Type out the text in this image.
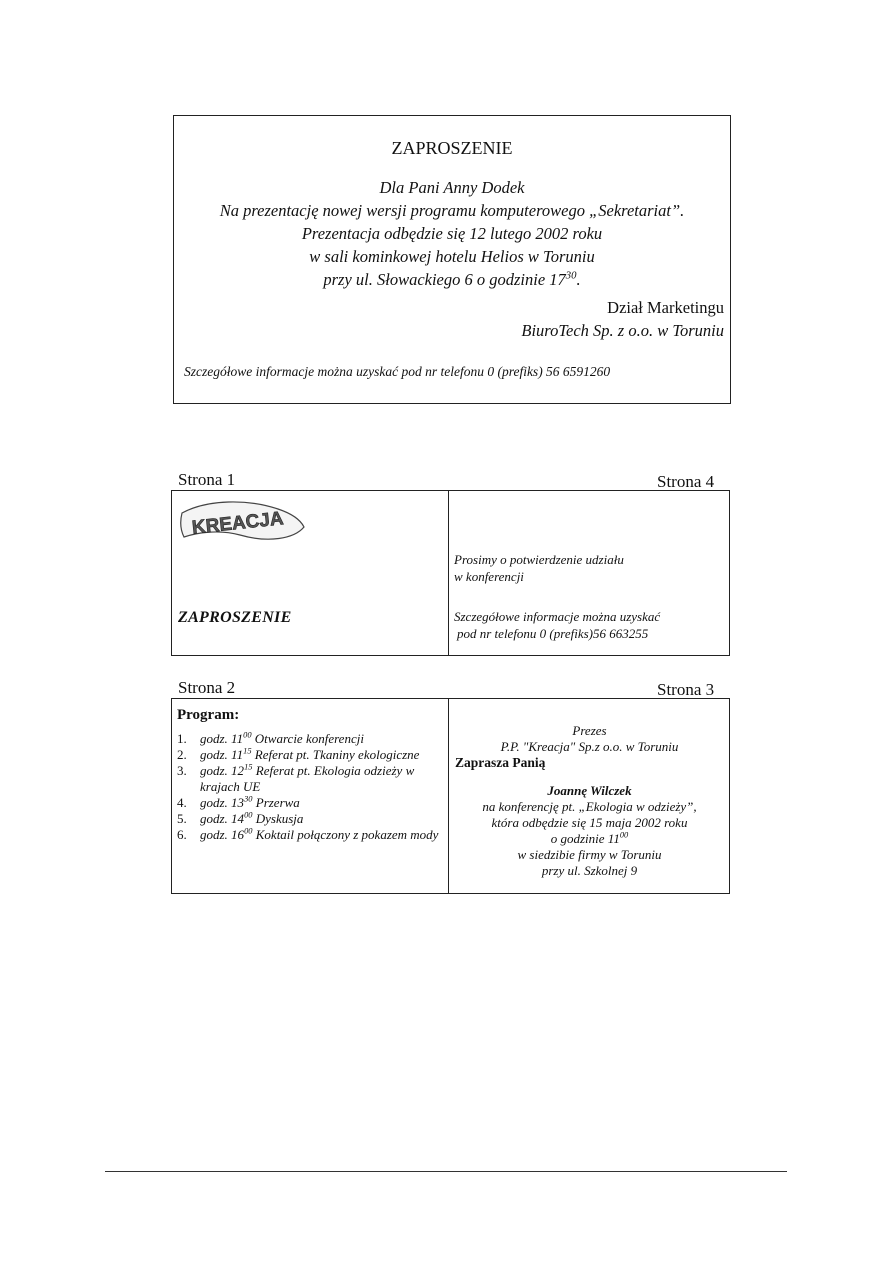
ZAPROSZENIE
Dla Pani Anny Dodek
Na prezentację nowej wersji programu komputerowego „Sekretariat”.
Prezentacja odbędzie się 12 lutego 2002 roku
w sali kominkowej hotelu Helios w Toruniu
przy ul. Słowackiego 6 o godzinie $17^{30}$.
Dział Marketingu
BiuroTech Sp. z o.o. w Toruniu
Szczegółowe informacje można uzyskać pod nr telefonu 0 (prefiks) 56 6591260
Strona 1	Strona 4
KREACJA
ZAPROSZENIE
Prosimy o potwierdzenie udziału
w konferencji
Szczegółowe informacje można uzyskać
pod nr telefonu 0 (prefiks)56 663255
Strona 2	Strona 3
Program:
1.	godz. $11^{00}$ Otwarcie konferencji
2.	godz. $11^{15}$ Referat pt. Tkaniny ekologiczne
3.	godz. $12^{15}$ Referat pt. Ekologia odzieży w krajach UE
4.	godz. $13^{30}$ Przerwa
5.	godz. $14^{00}$ Dyskusja
6.	godz. $16^{00}$ Koktail połączony z pokazem mody
Prezes
P.P. "Kreacja" Sp.z o.o. w Toruniu
Zaprasza Panią
Joannę Wilczek
na konferencję pt. „Ekologia w odzieży”,
która odbędzie się 15 maja 2002 roku
o godzinie $11^{00}$
w siedzibie firmy w Toruniu
przy ul. Szkolnej 9
